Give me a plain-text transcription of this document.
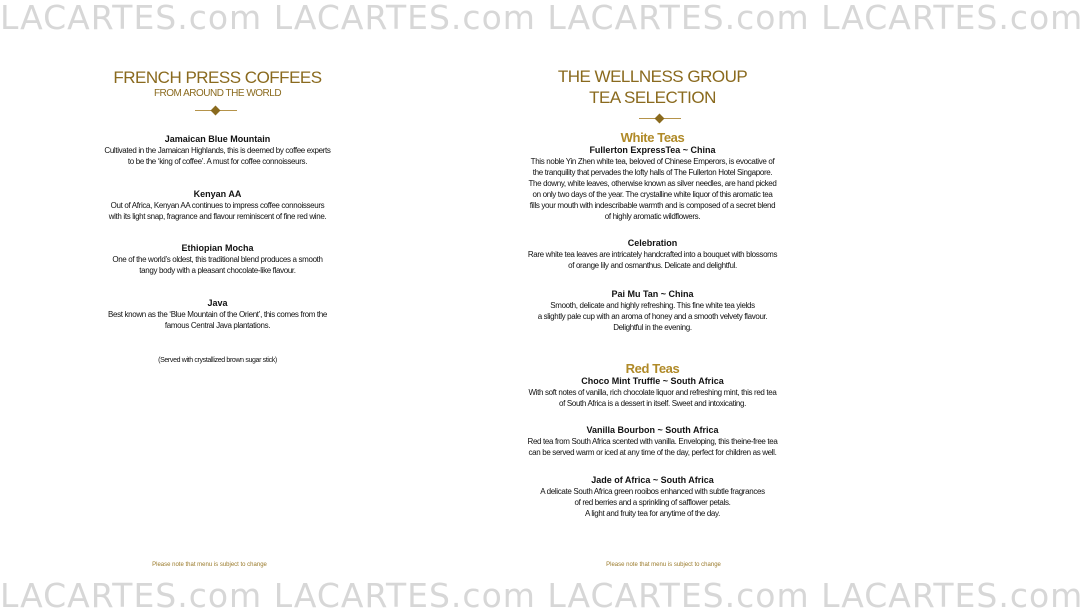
LACARTES.com LACARTES.com LACARTES.com LACARTES.com
LACARTES.com LACARTES.com LACARTES.com LACARTES.com
FRENCH PRESS COFFEES
FROM AROUND THE WORLD
Jamaican Blue Mountain
Cultivated in the Jamaican Highlands, this is deemed by coffee experts
to be the ‘king of coffee’. A must for coffee connoisseurs.
Kenyan AA
Out of Africa, Kenyan AA continues to impress coffee connoisseurs
with its light snap, fragrance and flavour reminiscent of fine red wine.
Ethiopian Mocha
One of the world’s oldest, this traditional blend produces a smooth
tangy body with a pleasant chocolate-like flavour.
Java
Best known as the ‘Blue Mountain of the Orient’, this comes from the
famous Central Java plantations.
(Served with crystallized brown sugar stick)
Please note that menu is subject to change
THE WELLNESS GROUP
TEA SELECTION
White Teas
Fullerton ExpressTea ~ China
This noble Yin Zhen white tea, beloved of Chinese Emperors, is evocative of
the tranquility that pervades the lofty halls of The Fullerton Hotel Singapore.
The downy, white leaves, otherwise known as silver needles, are hand picked
on only two days of the year. The crystalline white liquor of this aromatic tea
fills your mouth with indescribable warmth and is composed of a secret blend
of highly aromatic wildflowers.
Celebration
Rare white tea leaves are intricately handcrafted into a bouquet with blossoms
of orange lily and osmanthus. Delicate and delightful.
Pai Mu Tan ~ China
Smooth, delicate and highly refreshing. This fine white tea yields
a slightly pale cup with an aroma of honey and a smooth velvety flavour.
Delightful in the evening.
Red Teas
Choco Mint Truffle ~ South Africa
With soft notes of vanilla, rich chocolate liquor and refreshing mint, this red tea
of South Africa is a dessert in itself. Sweet and intoxicating.
Vanilla Bourbon ~ South Africa
Red tea from South Africa scented with vanilla. Enveloping, this theine-free tea
can be served warm or iced at any time of the day, perfect for children as well.
Jade of Africa ~ South Africa
A delicate South Africa green rooibos enhanced with subtle fragrances
of red berries and a sprinkling of safflower petals.
A light and fruity tea for anytime of the day.
Please note that menu is subject to change
